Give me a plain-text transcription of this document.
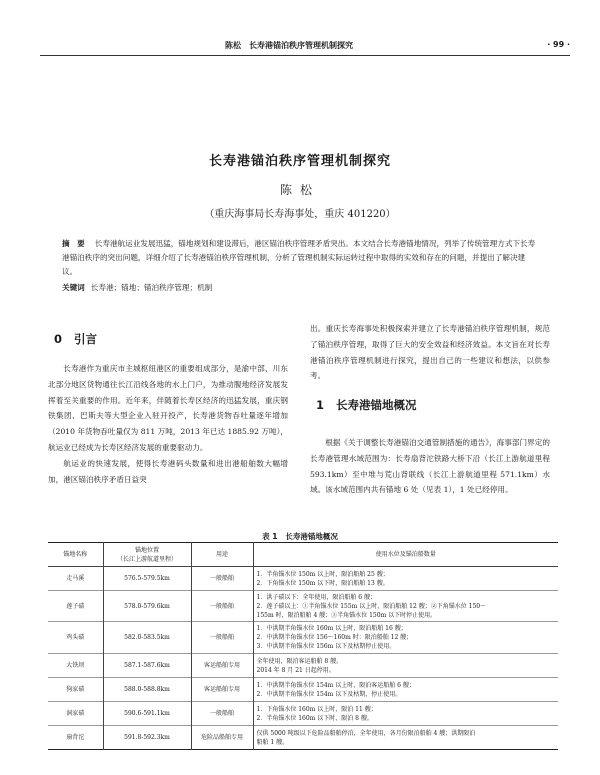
陈松　长寿港锚泊秩序管理机制探究	· 99 ·
长寿港锚泊秩序管理机制探究
陈松
（重庆海事局长寿海事处，重庆 401220）
摘　要 长寿港航运业发展迅猛，锚地规划和建设滞后，港区锚泊秩序管理矛盾突出。本文结合长寿港锚地情况，列举了传统管理方式下长寿港锚泊秩序的突出问题，详细介绍了长寿港锚泊秩序管理机制，分析了管理机制实际运转过程中取得的实效和存在的问题，并提出了解决建议。
关键词 长寿港；锚地；锚泊秩序管理；机制
0 引言

长寿港作为重庆市主城枢纽港区的重要组成部分，是渝中部、川东北部分地区货物通往长江沿线各地的水上门户，为推动腹地经济发展发挥着至关重要的作用。近年来，伴随着长寿区经济的迅猛发展，重庆钢铁集团、巴斯夫等大型企业入驻开投产，长寿港货物吞吐量逐年增加（2010 年货物吞吐量仅为 811 万吨，2013 年已达 1885.92 万吨），航运业已经成为长寿区经济发展的重要驱动力。

航运业的快速发展，使得长寿港码头数量和进出港船舶数大幅增加，港区锚泊秩序矛盾日益突

出。重庆长寿海事处积极探索并建立了长寿港锚泊秩序管理机制，规范了锚泊秩序管理，取得了巨大的安全效益和经济效益。本文旨在对长寿港锚泊秩序管理机制进行探究，提出自己的一些建议和想法，以供参考。

1 长寿港锚地概况

根据《关于调整长寿港锚泊交通管制措施的通告》，海事部门界定的长寿港管理水域范围为：长寿扇背沱铁路大桥下沿（长江上游航道里程 593.1km）至中堆与荒山背联线（长江上游航道里程 571.1km）水域。该水域范围内共有锚地 6 处（见表 1），1 处已经停用。

表 1 长寿港锚地概况
锚地名称	锚地位置
（长江上游航道里程）	用途	使用水位及锚泊船数量
走马溪	576.5-579.5km	一般船舶	1．半角锚水位 150m 以上时，限泊船舶 25 艘；
2．下角锚水位 150m 以下时，限泊船舶 13 艘。

莲子碛	578.0-579.6km	一般船舶	1．洪子碛以下：全年使用，限泊船舶 6 艘；
2．莲子碛以上：①半角锚水位 155m 以上时，限泊船舶 12 艘；②下角锚水位 150～
155m 时，限泊船舶 4 艘；③半角锚水位 150m 以下时停止使用。

鸡头碛	582.0-583.5km	一般船舶	1．中洪期半角锚水位 160m 以上时，限泊船舶 16 艘；
2．中洪期半角锚水位 156～160m 时：限泊船舶 12 艘；
3．中洪期半角锚水位 156m 以下及枯期停止使用。

大铁坝	587.1-587.6km	客运船舶专用	全年使用，限泊客运船舶 8 艘。
2014 年 8 月 21 日起停用。

狗家碛	588.0-588.8km	客运船舶专用	1．中洪期半角锚水位 154m 以上时，限泊客运船舶 6 艘；
2．中洪期半角锚水位 154m 以下及枯期，停止使用。

洞家碛	590.6-591.1km	一般船舶	1．下角锚水位 160m 以上时，限泊 11 艘；
2．半角锚水位 160m 以下时，限泊 8 艘。

扇背沱	591.8-592.3km	危险品船舶专用	仅供 5000 吨级以下危险品船舶停泊，全年使用，各月份限泊船舶 4 艘；洪期限泊
船舶 1 艘。
